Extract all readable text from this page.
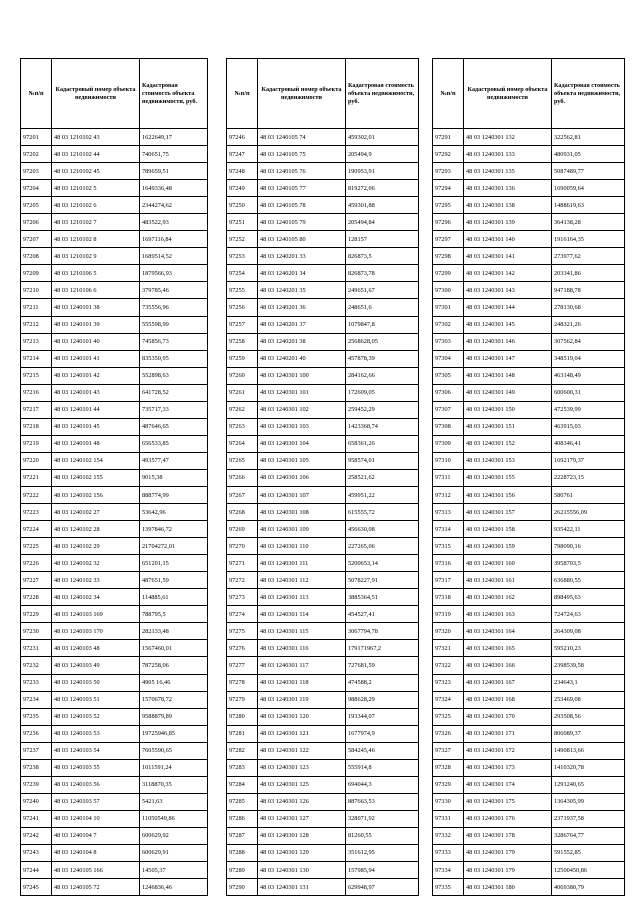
№п/п	Кадастровый номер объекта недвижимости	Кадастровая стоимость объекта недвижимости, руб.
97201	48 03 1210102 43	1622649,17
97202	48 03 1210102 44	740651,75
97203	48 03 1210102 45	789659,51
97204	48 03 1210102 5	1649336,48
97205	48 03 1210102 6	2344274,62
97206	48 03 1210102 7	483522,93
97207	48 03 1210102 8	1697116,84
97208	48 03 1210102 9	1689514,52
97209	48 03 1210106 5	1879566,93
97210	48 03 1210106 6	379785,46
97211	48 03 1240101 38	735556,96
97212	48 03 1240101 39	555598,99
97213	48 03 1240101 40	745856,73
97214	48 03 1240101 41	835350,95
97215	48 03 1240101 42	552898,63
97216	48 03 1240101 43	641728,52
97217	48 03 1240101 44	735717,33
97218	48 03 1240101 45	487646,65
97219	48 03 1240101 48	656533,85
97220	48 03 1240102 154	493577,47
97221	48 03 1240102 155	9015,38
97222	48 03 1240102 156	888774,99
97223	48 03 1240102 27	53642,96
97224	48 03 1240102 28	1397846,72
97225	48 03 1240102 29	21704272,01
97226	48 03 1240102 32	651201,15
97227	48 03 1240102 33	487651,59
97228	48 03 1240102 34	114885,61
97229	48 03 1240103 169	788795,5
97230	48 03 1240103 170	282133,48
97231	48 03 1240103 48	1567460,01
97232	48 03 1240103 49	787258,06
97233	48 03 1240103 50	4905 16,46
97234	48 03 1240103 51	1570678,72
97235	48 03 1240103 52	9588879,89
97236	48 03 1240103 53	19725946,85
97237	48 03 1240103 54	7605590,65
97238	48 03 1240103 55	1011591,24
97239	48 03 1240103 56	3118870,35
97240	48 03 1240103 57	5421,63
97241	48 03 1240104 10	11050549,86
97242	48 03 1240104 7	600629,92
97243	48 03 1240104 8	600629,91
97244	48 03 1240105 166	14505,37
97245	48 03 1240105 72	1246836,46
№п/п	Кадастровый номер объекта недвижимости	Кадастровая стоимость объекта недвижимости, руб.
97246	48 03 1240105 74	459302,01
97247	48 03 1240105 75	205494,9
97248	48 03 1240105 76	190953,91
97249	48 03 1240105 77	819272,06
97250	48 03 1240105 78	459301,88
97251	48 03 1240105 79	205494,84
97252	48 03 1240105 80	128157
97253	48 03 1240201 33	826873,5
97254	48 03 1240201 34	826873,78
97255	48 03 1240201 35	249651,67
97256	48 03 1240201 36	248651,6
97257	48 03 1240201 37	1079847,8
97258	48 03 1240201 38	2568628,05
97259	48 03 1240201 40	457878,39
97260	48 03 1240301 100	284162,66
97261	48 03 1240301 101	172609,05
97262	48 03 1240301 102	259452,29
97263	48 03 1240301 103	1423368,74
97264	48 03 1240301 104	658361,26
97265	48 03 1240301 105	958574,01
97266	48 03 1240301 106	258521,62
97267	48 03 1240301 107	459951,22
97268	48 03 1240301 108	615555,72
97269	48 03 1240301 109	456630,08
97270	48 03 1240301 110	227265,06
97271	48 03 1240301 111	5200653,14
97272	48 03 1240301 112	5078227,91
97273	48 03 1240301 113	3885364,51
97274	48 03 1240301 114	454527,41
97275	48 03 1240301 115	3067794,78
97276	48 03 1240301 116	179171967,2
97277	48 03 1240301 117	727681,59
97278	48 03 1240301 118	474588,2
97279	48 03 1240301 119	988628,29
97280	48 03 1240301 120	193344,07
97281	48 03 1240301 121	1677974,9
97282	48 03 1240301 122	584245,46
97283	48 03 1240301 123	555914,8
97284	48 03 1240301 125	694044,3
97285	48 03 1240301 126	887663,53
97286	48 03 1240301 127	328071,92
97287	48 03 1240301 128	81260,55
97288	48 03 1240301 129	351612,95
97289	48 03 1240301 130	157985,94
97290	48 03 1240301 131	629948,97
№п/п	Кадастровый номер объекта недвижимости	Кадастровая стоимость объекта недвижимости, руб.
97291	48 03 1240301 132	322562,81
97292	48 03 1240301 133	480931,05
97293	48 03 1240301 135	5087489,77
97294	48 03 1240301 136	1690059,64
97295	48 03 1240301 138	1488619,63
97296	48 03 1240301 139	364138,28
97297	48 03 1240301 140	1916164,35
97298	48 03 1240301 141	273977,62
97299	48 03 1240301 142	203341,86
97300	48 03 1240301 143	947188,78
97301	48 03 1240301 144	278130,68
97302	48 03 1240301 145	248321,26
97303	48 03 1240301 146	307562,84
97304	48 03 1240301 147	348519,04
97305	48 03 1240301 148	463148,49
97306	48 03 1240301 149	600600,31
97307	48 03 1240301 150	472539,99
97308	48 03 1240301 151	463915,03
97309	48 03 1240301 152	408346,41
97310	48 03 1240301 153	1692179,37
97311	48 03 1240301 155	2228723,15
97312	48 03 1240301 156	580761
97313	48 03 1240301 157	26215556,09
97314	48 03 1240301 158	935422,11
97315	48 03 1240301 159	798090,16
97316	48 03 1240301 160	3958703,5
97317	48 03 1240301 161	636880,55
97318	48 03 1240301 162	898495,63
97319	48 03 1240301 163	724724,63
97320	48 03 1240301 164	264309,08
97321	48 03 1240301 165	595210,23
97322	48 03 1240301 166	2398539,58
97323	48 03 1240301 167	234643,1
97324	48 03 1240301 168	253469,08
97325	48 03 1240301 170	293508,56
97326	48 03 1240301 171	806089,37
97327	48 03 1240301 172	1490813,66
97328	48 03 1240301 173	1410320,78
97329	48 03 1240301 174	1291240,65
97330	48 03 1240301 175	1364305,99
97331	48 03 1240301 176	2371937,58
97332	48 03 1240301 178	3286764,77
97333	48 03 1240301 179	591552,85
97334	48 03 1240301 179	12500450,86
97335	48 03 1240301 180	4069380,79
